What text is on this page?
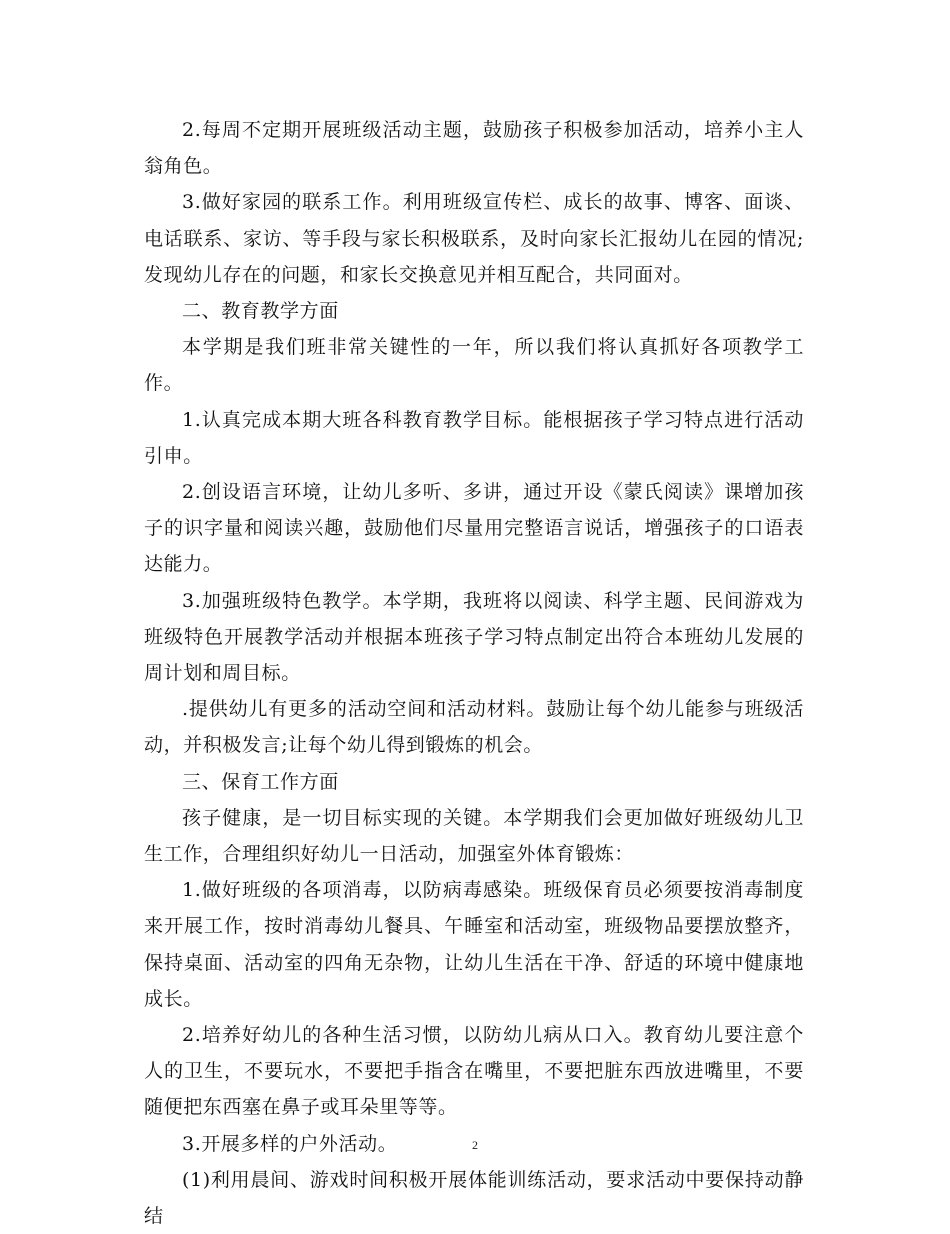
2.每周不定期开展班级活动主题，鼓励孩子积极参加活动，培养小主人翁角色。

3.做好家园的联系工作。利用班级宣传栏、成长的故事、博客、面谈、电话联系、家访、等手段与家长积极联系，及时向家长汇报幼儿在园的情况;发现幼儿存在的问题，和家长交换意见并相互配合，共同面对。

二、教育教学方面

本学期是我们班非常关键性的一年，所以我们将认真抓好各项教学工作。

1.认真完成本期大班各科教育教学目标。能根据孩子学习特点进行活动引申。

2.创设语言环境，让幼儿多听、多讲，通过开设《蒙氏阅读》课增加孩子的识字量和阅读兴趣，鼓励他们尽量用完整语言说话，增强孩子的口语表达能力。

3.加强班级特色教学。本学期，我班将以阅读、科学主题、民间游戏为班级特色开展教学活动并根据本班孩子学习特点制定出符合本班幼儿发展的周计划和周目标。

.提供幼儿有更多的活动空间和活动材料。鼓励让每个幼儿能参与班级活动，并积极发言;让每个幼儿得到锻炼的机会。

三、保育工作方面

孩子健康，是一切目标实现的关键。本学期我们会更加做好班级幼儿卫生工作，合理组织好幼儿一日活动，加强室外体育锻炼：

1.做好班级的各项消毒，以防病毒感染。班级保育员必须要按消毒制度来开展工作，按时消毒幼儿餐具、午睡室和活动室，班级物品要摆放整齐，保持桌面、活动室的四角无杂物，让幼儿生活在干净、舒适的环境中健康地成长。

2.培养好幼儿的各种生活习惯，以防幼儿病从口入。教育幼儿要注意个人的卫生，不要玩水，不要把手指含在嘴里，不要把脏东西放进嘴里，不要随便把东西塞在鼻子或耳朵里等等。

3.开展多样的户外活动。

(1)利用晨间、游戏时间积极开展体能训练活动，要求活动中要保持动静结

2
